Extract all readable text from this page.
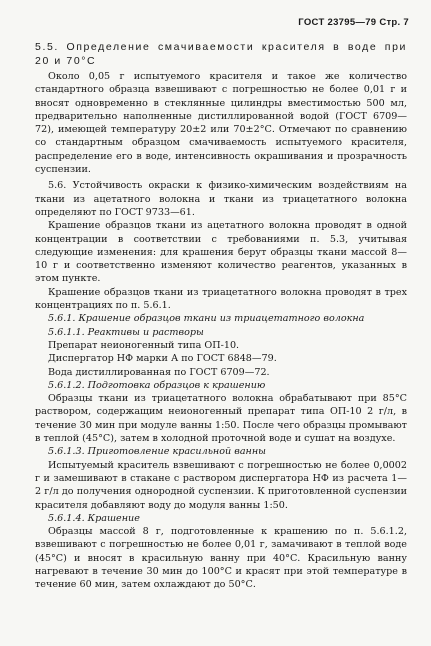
ГОСТ 23795—79 Стр. 7

5.5. Определение смачиваемости красителя в воде при 20 и 70°С

Около 0,05 г испытуемого красителя и такое же количество стандартного образца взвешивают с погрешностью не более 0,01 г и вносят одновременно в стеклянные цилиндры вместимостью 500 мл, предварительно наполненные дистиллированной водой (ГОСТ 6709—72), имеющей температуру 20±2 или 70±2°С. Отмечают по сравнению со стандартным образцом смачиваемость испытуемого красителя, распределение его в воде, интенсивность окрашивания и прозрачность суспензии.

5.6. Устойчивость окраски к физико-химическим воздействиям на ткани из ацетатного волокна и ткани из триацетатного волокна определяют по ГОСТ 9733—61.

Крашение образцов ткани из ацетатного волокна проводят в одной концентрации в соответствии с требованиями п. 5.3, учитывая следующие изменения: для крашения берут образцы ткани массой 8—10 г и соответственно изменяют количество реагентов, указанных в этом пункте.

Крашение образцов ткани из триацетатного волокна проводят в трех концентрациях по п. 5.6.1.

5.6.1. Крашение образцов ткани из триацетатного волокна

5.6.1.1. Реактивы и растворы

Препарат неионогенный типа ОП-10.

Диспергатор НФ марки А по ГОСТ 6848—79.

Вода дистиллированная по ГОСТ 6709—72.

5.6.1.2. Подготовка образцов к крашению

Образцы ткани из триацетатного волокна обрабатывают при 85°С раствором, содержащим неионогенный препарат типа ОП-10 2 г/л, в течение 30 мин при модуле ванны 1:50. После чего образцы промывают в теплой (45°С), затем в холодной проточной воде и сушат на воздухе.

5.6.1.3. Приготовление красильной ванны

Испытуемый краситель взвешивают с погрешностью не более 0,0002 г и замешивают в стакане с раствором диспергатора НФ из расчета 1—2 г/л до получения однородной суспензии. К приготовленной суспензии красителя добавляют воду до модуля ванны 1:50.

5.6.1.4. Крашение

Образцы массой 8 г, подготовленные к крашению по п. 5.6.1.2, взвешивают с погрешностью не более 0,01 г, замачивают в теплой воде (45°С) и вносят в красильную ванну при 40°С. Красильную ванну нагревают в течение 30 мин до 100°С и красят при этой температуре в течение 60 мин, затем охлаждают до 50°С.
